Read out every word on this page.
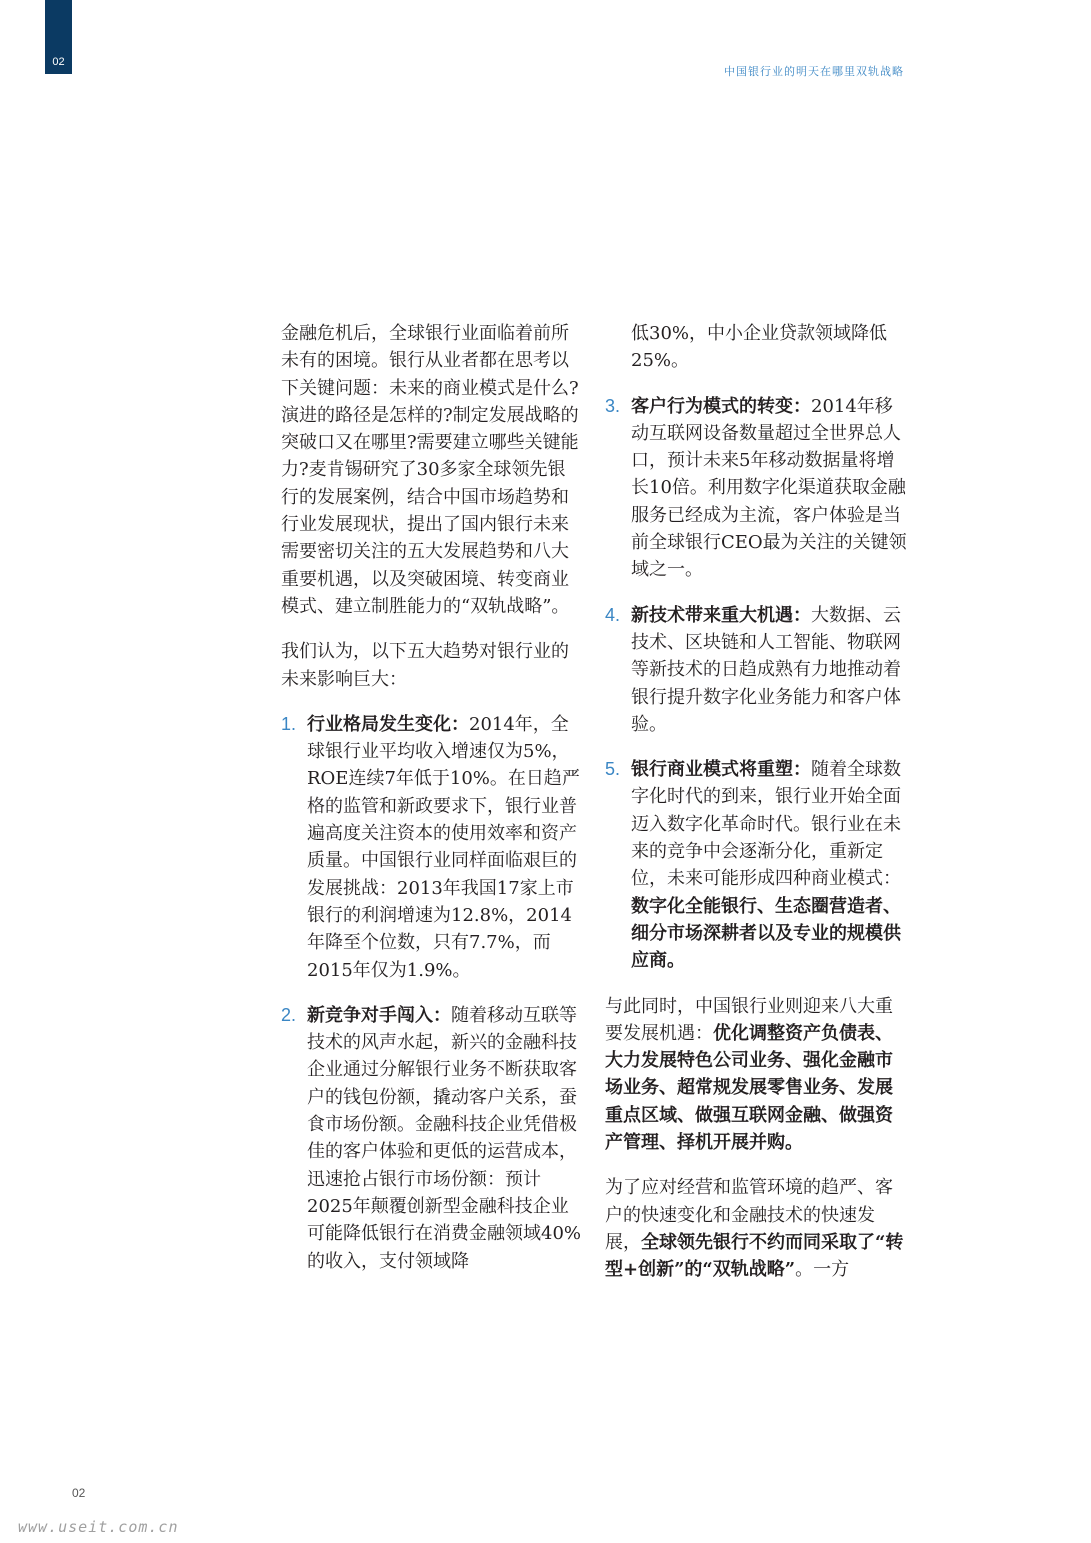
02
中国银行业的明天在哪里双轨战略

金融危机后，全球银行业面临着前所未有的困境。银行从业者都在思考以下关键问题：未来的商业模式是什么?演进的路径是怎样的?制定发展战略的突破口又在哪里?需要建立哪些关键能力?麦肯锡研究了30多家全球领先银行的发展案例，结合中国市场趋势和行业发展现状，提出了国内银行未来需要密切关注的五大发展趋势和八大重要机遇，以及突破困境、转变商业模式、建立制胜能力的“双轨战略”。

我们认为，以下五大趋势对银行业的未来影响巨大：

1. 行业格局发生变化：2014年，全球银行业平均收入增速仅为5%，ROE连续7年低于10%。在日趋严格的监管和新政要求下，银行业普遍高度关注资本的使用效率和资产质量。中国银行业同样面临艰巨的发展挑战：2013年我国17家上市银行的利润增速为12.8%，2014年降至个位数，只有7.7%，而2015年仅为1.9%。
2. 新竞争对手闯入：随着移动互联等技术的风声水起，新兴的金融科技企业通过分解银行业务不断获取客户的钱包份额，撬动客户关系，蚕食市场份额。金融科技企业凭借极佳的客户体验和更低的运营成本，迅速抢占银行市场份额：预计2025年颠覆创新型金融科技企业可能降低银行在消费金融领域40%的收入，支付领域降

低30%，中小企业贷款领域降低25%。

3. 客户行为模式的转变：2014年移动互联网设备数量超过全世界总人口，预计未来5年移动数据量将增长10倍。利用数字化渠道获取金融服务已经成为主流，客户体验是当前全球银行CEO最为关注的关键领域之一。
4. 新技术带来重大机遇：大数据、云技术、区块链和人工智能、物联网等新技术的日趋成熟有力地推动着银行提升数字化业务能力和客户体验。
5. 银行商业模式将重塑：随着全球数字化时代的到来，银行业开始全面迈入数字化革命时代。银行业在未来的竞争中会逐渐分化，重新定位，未来可能形成四种商业模式：数字化全能银行、生态圈营造者、细分市场深耕者以及专业的规模供应商。

与此同时，中国银行业则迎来八大重要发展机遇：优化调整资产负债表、大力发展特色公司业务、强化金融市场业务、超常规发展零售业务、发展重点区域、做强互联网金融、做强资产管理、择机开展并购。

为了应对经营和监管环境的趋严、客户的快速变化和金融技术的快速发展，全球领先银行不约而同采取了“转型+创新”的“双轨战略”。一方

02
www.useit.com.cn
